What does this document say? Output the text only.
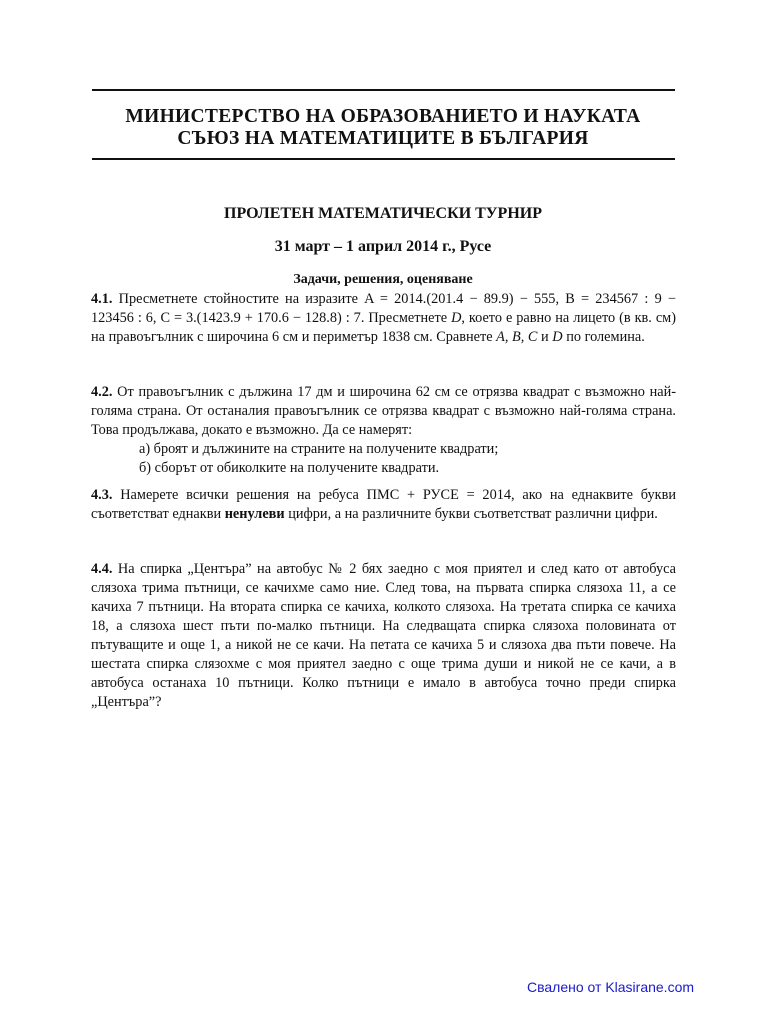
МИНИСТЕРСТВО НА ОБРАЗОВАНИЕТО И НАУКАТА
СЪЮЗ НА МАТЕМАТИЦИТЕ В БЪЛГАРИЯ
ПРОЛЕТЕН МАТЕМАТИЧЕСКИ ТУРНИР
31 март – 1 април 2014 г., Русе
Задачи, решения, оценяване

4.1. Пресметнете стойностите на изразите A = 2014.(201.4 − 89.9) − 555, B = 234567 : 9 − 123456 : 6, C = 3.(1423.9 + 170.6 − 128.8) : 7. Пресметнете D, което е равно на лицето (в кв. см) на правоъгълник с широчина 6 см и периметър 1838 см. Сравнете A, B, C и D по големина.

4.2. От правоъгълник с дължина 17 дм и широчина 62 см се отрязва квадрат с възможно най-голяма страна. От останалия правоъгълник се отрязва квадрат с възможно най-голяма страна. Това продължава, докато е възможно. Да се намерят:

а) броят и дължините на страните на получените квадрати;

б) сборът от обиколките на получените квадрати.

4.3. Намерете всички решения на ребуса ПМС + РУСЕ = 2014, ако на еднаквите букви съответстват еднакви ненулеви цифри, а на различните букви съответстват различни цифри.

4.4. На спирка „Центъра” на автобус № 2 бях заедно с моя приятел и след като от автобуса слязоха трима пътници, се качихме само ние. След това, на първата спирка слязоха 11, а се качиха 7 пътници. На втората спирка се качиха, колкото слязоха. На третата спирка се качиха 18, а слязоха шест пъти по-малко пътници. На следващата спирка слязоха половината от пътуващите и още 1, а никой не се качи. На петата се качиха 5 и слязоха два пъти повече. На шестата спирка слязохме с моя приятел заедно с още трима души и никой не се качи, а в автобуса останаха 10 пътници. Колко пътници е имало в автобуса точно преди спирка „Центъра”?

Свалено от Klasirane.com
